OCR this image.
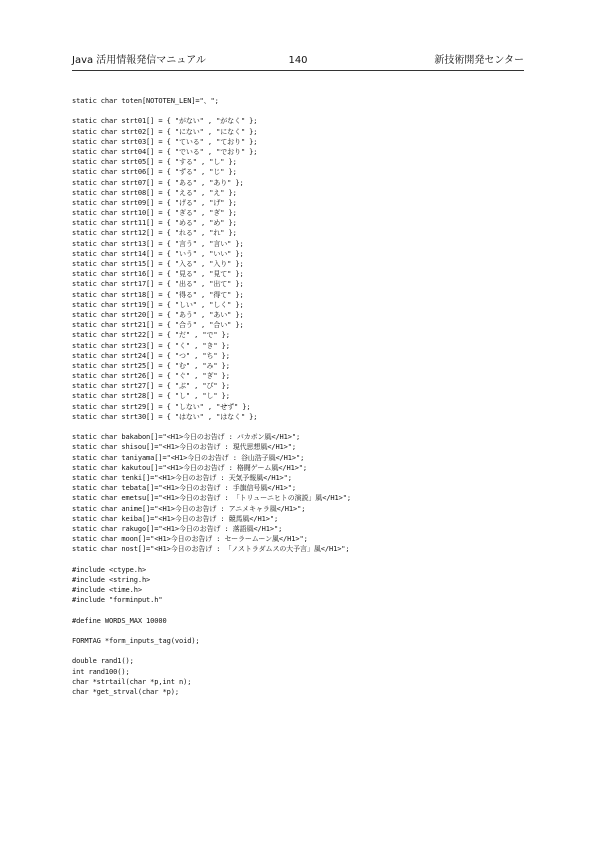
Java 活用情報発信マニュアル	140	新技術開発センター
static char toten[NOTOTEN_LEN]="、";
static char strt01[] = { "がない" , "がなく" };
static char strt02[] = { "にない" , "になく" };
static char strt03[] = { "ている" , "ており" };
static char strt04[] = { "でいる" , "でおり" };
static char strt05[] = { "する" , "し" };
static char strt06[] = { "ずる" , "じ" };
static char strt07[] = { "ある" , "あり" };
static char strt08[] = { "える" , "え" };
static char strt09[] = { "げる" , "げ" };
static char strt10[] = { "ぎる" , "ぎ" };
static char strt11[] = { "める" , "め" };
static char strt12[] = { "れる" , "れ" };
static char strt13[] = { "言う" , "言い" };
static char strt14[] = { "いう" , "いい" };
static char strt15[] = { "入る" , "入り" };
static char strt16[] = { "見る" , "見て" };
static char strt17[] = { "出る" , "出て" };
static char strt18[] = { "得る" , "得て" };
static char strt19[] = { "しい" , "しく" };
static char strt20[] = { "あう" , "あい" };
static char strt21[] = { "合う" , "合い" };
static char strt22[] = { "だ" , "で" };
static char strt23[] = { "く" , "き" };
static char strt24[] = { "つ" , "ち" };
static char strt25[] = { "む" , "み" };
static char strt26[] = { "ぐ" , "ぎ" };
static char strt27[] = { "ぶ" , "び" };
static char strt28[] = { "し" , "し" };
static char strt29[] = { "しない" , "せず" };
static char strt30[] = { "はない" , "はなく" };
static char bakabon[]="<H1>今日のお告げ : バカボン風</H1>";
static char shisou[]="<H1>今日のお告げ : 現代思想風</H1>";
static char taniyama[]="<H1>今日のお告げ : 谷山浩子風</H1>";
static char kakutou[]="<H1>今日のお告げ : 格闘ゲーム風</H1>";
static char tenki[]="<H1>今日のお告げ : 天気予報風</H1>";
static char tebata[]="<H1>今日のお告げ : 手旗信号風</H1>";
static char emetsu[]="<H1>今日のお告げ : 「トリューニヒトの演説」風</H1>";
static char anime[]="<H1>今日のお告げ : アニメキャラ風</H1>";
static char keiba[]="<H1>今日のお告げ : 競馬風</H1>";
static char rakugo[]="<H1>今日のお告げ : 落語風</H1>";
static char moon[]="<H1>今日のお告げ : セーラームーン風</H1>";
static char nost[]="<H1>今日のお告げ : 「ノストラダムスの大予言」風</H1>";
#include <ctype.h>
#include <string.h>
#include <time.h>
#include "forminput.h"
#define WORDS_MAX 10000
FORMTAG *form_inputs_tag(void);
double rand1();
int rand100();
char *strtail(char *p,int n);
char *get_strval(char *p);
